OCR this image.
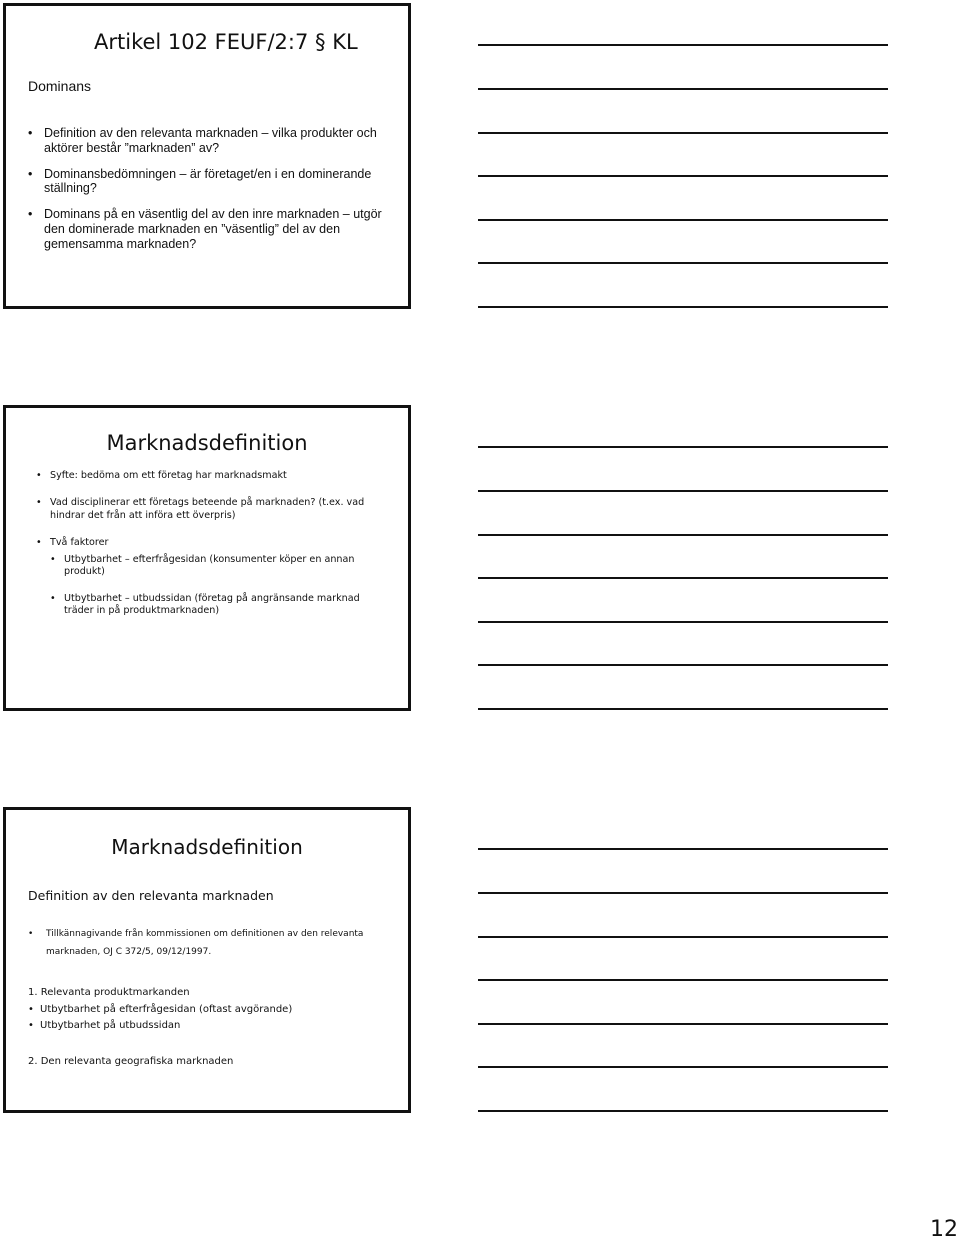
Artikel 102 FEUF/2:7 § KL

Dominans

• Definition av den relevanta marknaden – vilka produkter och aktörer består ”marknaden” av?
• Dominansbedömningen – är företaget/en i en dominerande ställning?
• Dominans på en väsentlig del av den inre marknaden – utgör den dominerade marknaden en ”väsentlig” del av den gemensamma marknaden?

Marknadsdefinition

• Syfte: bedöma om ett företag har marknadsmakt
• Vad disciplinerar ett företags beteende på marknaden? (t.ex. vad hindrar det från att införa ett överpris)
• Två faktorer
• Utbytbarhet – efterfrågesidan (konsumenter köper en annan produkt)
• Utbytbarhet – utbudssidan (företag på angränsande marknad träder in på produktmarknaden)

Marknadsdefinition

Definition av den relevanta marknaden

• Tillkännagivande från kommissionen om definitionen av den relevanta marknaden, OJ C 372/5, 09/12/1997.
1. Relevanta produktmarkanden
• Utbytbarhet på efterfrågesidan (oftast avgörande)
• Utbytbarhet på utbudssidan

2. Den relevanta geografiska marknaden

12
